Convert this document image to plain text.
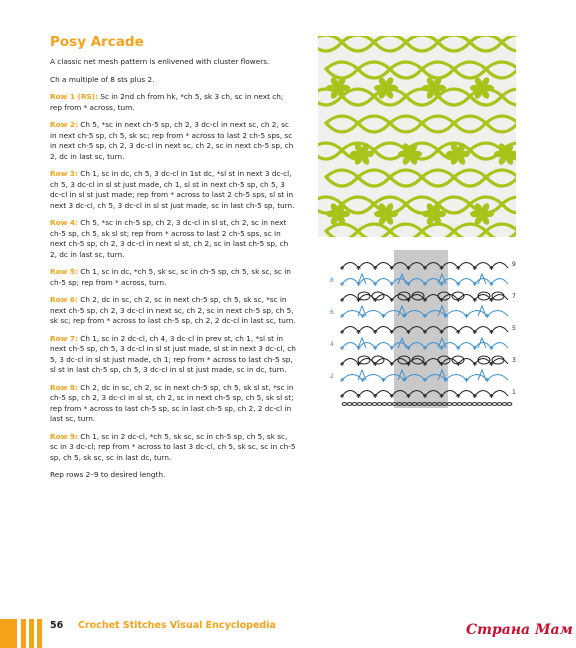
Posy Arcade
A classic net mesh pattern is enlivened with cluster flowers.
Ch a multiple of 8 sts plus 2.
Row 1 (RS): Sc in 2nd ch from hk, *ch 5, sk 3 ch, sc in next ch; rep from * across, turn.
Row 2: Ch 5, *sc in next ch-5 sp, ch 2, 3 dc-cl in next sc, ch 2, sc in next ch-5 sp, ch 5, sk sc; rep from * across to last 2 ch-5 sps, sc in next ch-5 sp, ch 2, 3 dc-cl in next sc, ch 2, sc in next ch-5 sp, ch 2, dc in last sc, turn.
Row 3: Ch 1, sc in dc, ch 5, 3 dc-cl in 1st dc, *sl st in next 3 dc-cl, ch 5, 3 dc-cl in sl st just made, ch 1, sl st in next ch-5 sp, ch 5, 3 dc-cl in sl st just made; rep from * across to last 2 ch-5 sps, sl st in next 3 dc-cl, ch 5, 3 dc-cl in sl st just made, sc in last ch-5 sp, turn.
Row 4: Ch 5, *sc in ch-5 sp, ch 2, 3 dc-cl in sl st, ch 2, sc in next ch-5 sp, ch 5, sk sl st; rep from * across to last 2 ch-5 sps, sc in next ch-5 sp, ch 2, 3 dc-cl in next sl st, ch 2, sc in last ch-5 sp, ch 2, dc in last sc, turn.
Row 5: Ch 1, sc in dc, *ch 5, sk sc, sc in ch-5 sp, ch 5, sk sc, sc in ch-5 sp; rep from * across, turn.
Row 6: Ch 2, dc in sc, ch 2, sc in next ch-5 sp, ch 5, sk sc, *sc in next ch-5 sp, ch 2, 3 dc-cl in next sc, ch 2, sc in next ch-5 sp, ch 5, sk sc; rep from * across to last ch-5 sp, ch 2, 2 dc-cl in last sc, turn.
Row 7: Ch 1, sc in 2 dc-cl, ch 4, 3 dc-cl in prev st, ch 1, *sl st in next ch-5 sp, ch 5, 3 dc-cl in sl st just made, sl st in next 3 dc-cl, ch 5, 3 dc-cl in sl st just made, ch 1; rep from * across to last ch-5 sp, sl st in last ch-5 sp, ch 5, 3 dc-cl in sl st just made, sc in dc, turn.
Row 8: Ch 2, dc in sc, ch 2, sc in next ch-5 sp, ch 5, sk sl st, *sc in ch-5 sp, ch 2, 3 dc-cl in sl st, ch 2, sc in next ch-5 sp, ch 5, sk sl st; rep from * across to last ch-5 sp, sc in last ch-5 sp, ch 2, 2 dc-cl in last sc, turn.
Row 9: Ch 1, sc in 2 dc-cl, *ch 5, sk sc, sc in ch-5 sp, ch 5, sk sc, sc in 3 dc-cl; rep from * across to last 3 dc-cl, ch 5, sk sc, sc in ch-5 sp, ch 5, sk sc, sc in last dc, turn.
Rep rows 2–9 to desired length.
9
7
5
3
1
8
6
4
2
56 Crochet Stitches Visual Encyclopedia	Страна Мам
